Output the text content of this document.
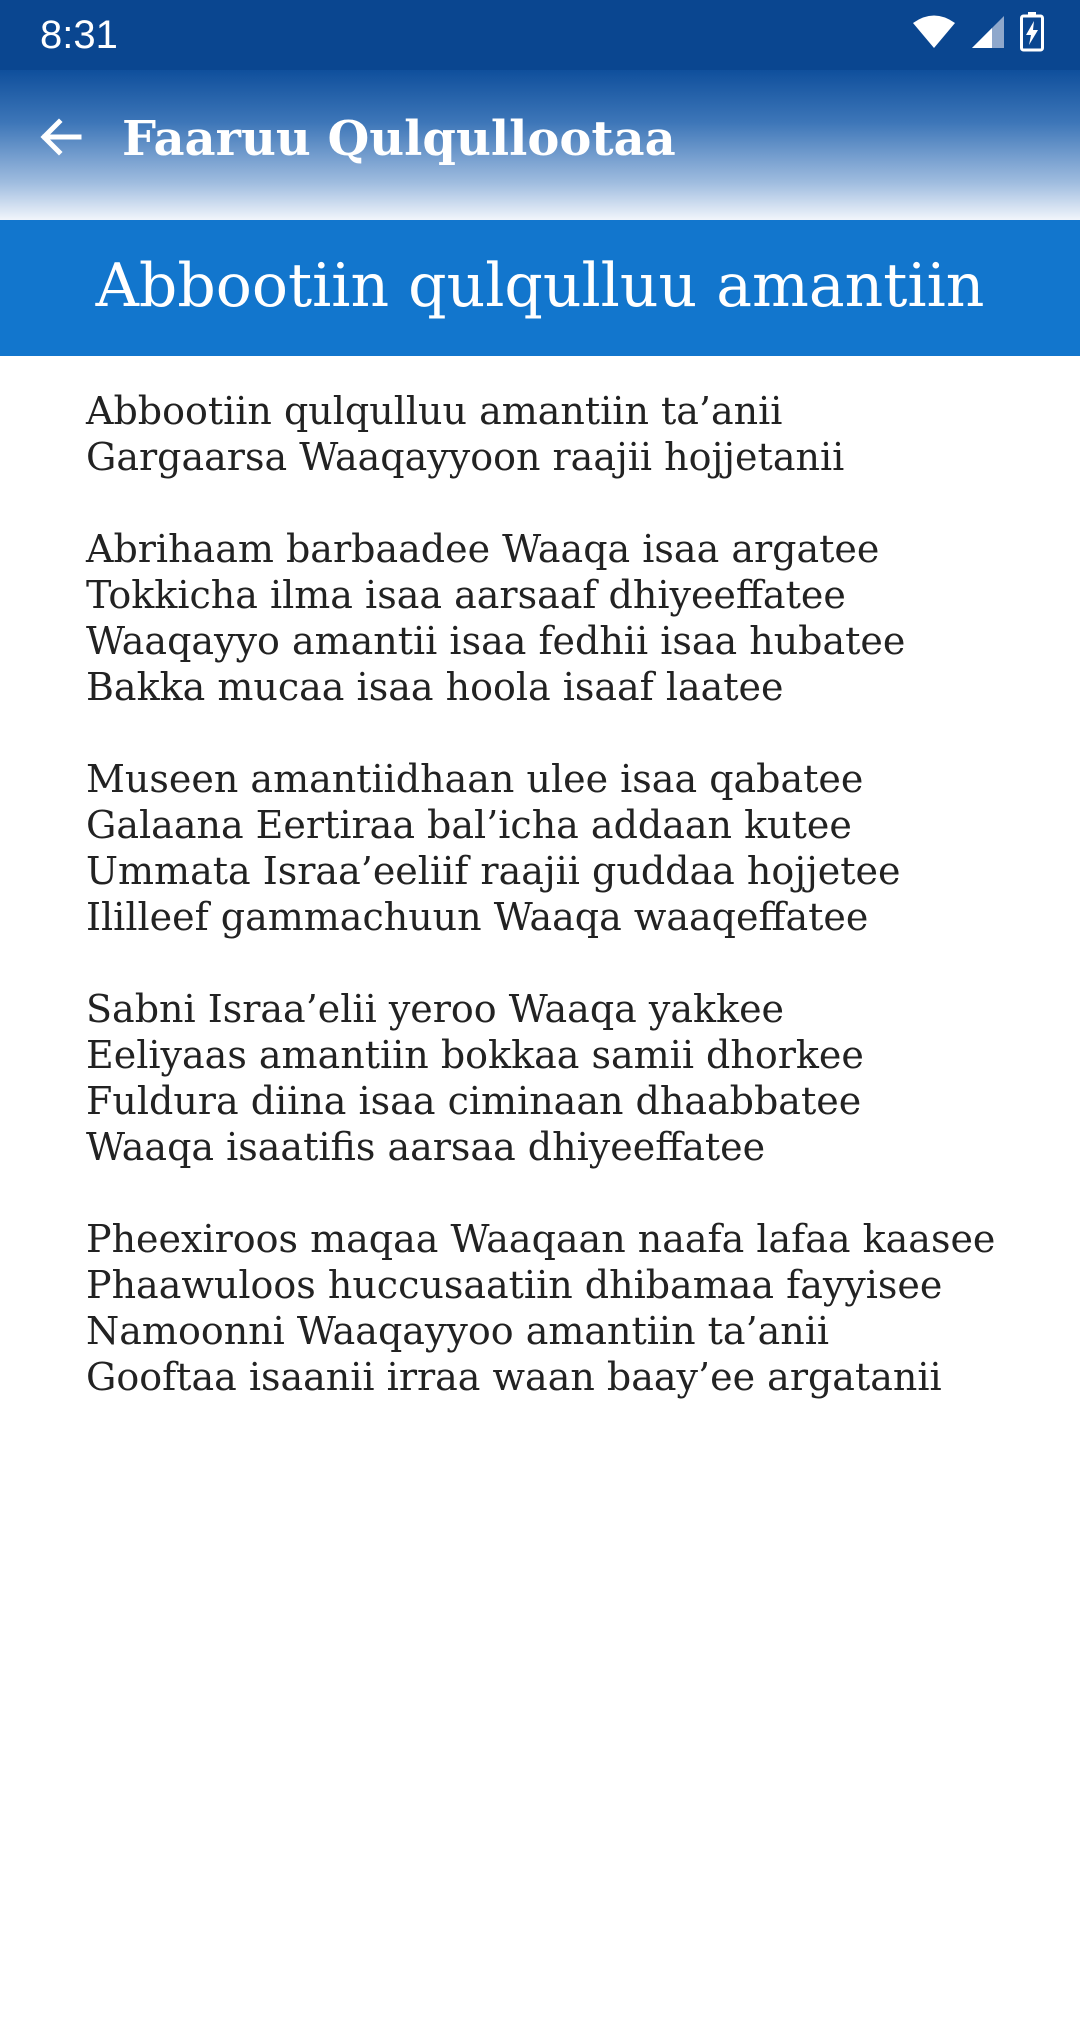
8:31
Faaruu Qulqullootaa
Abbootiin qulqulluu amantiin
Abbootiin qulqulluu amantiin ta’anii
Gargaarsa Waaqayyoon raajii hojjetanii
Abrihaam barbaadee Waaqa isaa argatee
Tokkicha ilma isaa aarsaaf dhiyeeffatee
Waaqayyo amantii isaa fedhii isaa hubatee
Bakka mucaa isaa hoola isaaf laatee
Museen amantiidhaan ulee isaa qabatee
Galaana Eertiraa bal’icha addaan kutee
Ummata Israa’eeliif raajii guddaa hojjetee
Ililleef gammachuun Waaqa waaqeffatee
Sabni Israa’elii yeroo Waaqa yakkee
Eeliyaas amantiin bokkaa samii dhorkee
Fuldura diina isaa ciminaan dhaabbatee
Waaqa isaatifis aarsaa dhiyeeffatee
Pheexiroos maqaa Waaqaan naafa lafaa kaasee
Phaawuloos huccusaatiin dhibamaa fayyisee
Namoonni Waaqayyoo amantiin ta’anii
Gooftaa isaanii irraa waan baay’ee argatanii
